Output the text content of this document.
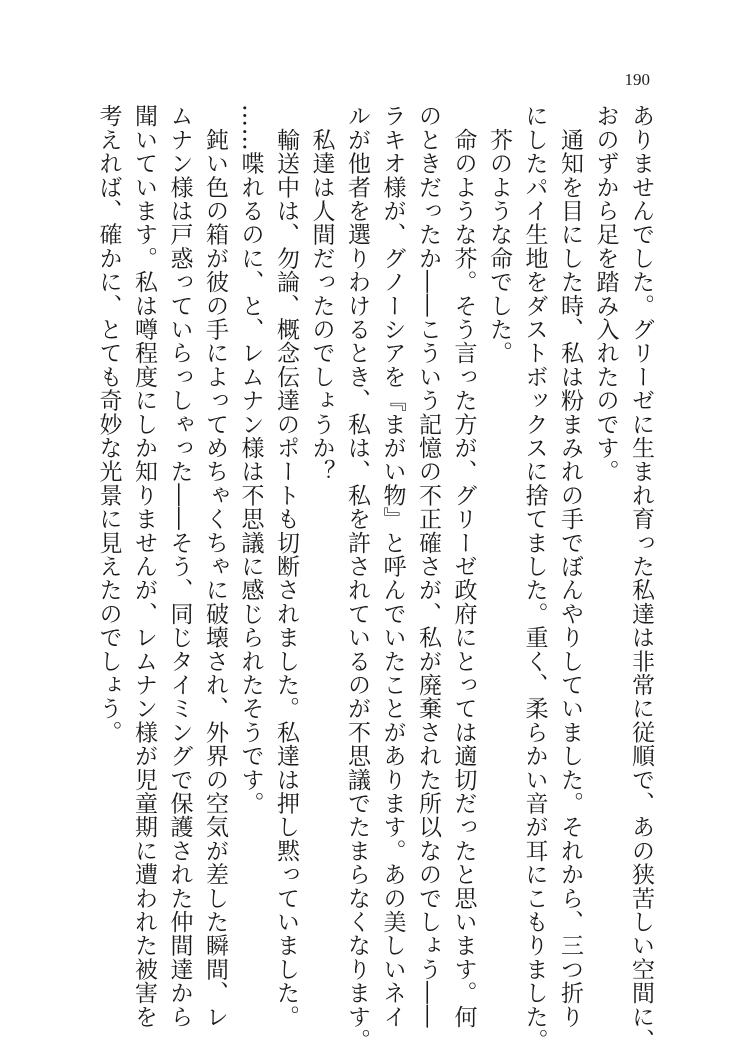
190

ありませんでした。グリーゼに生まれ育った私達は非常に従順で、あの狭苦しい空間に、

おのずから足を踏み入れたのです。

　通知を目にした時、私は粉まみれの手でぼんやりしていました。それから、三つ折り

にしたパイ生地をダストボックスに捨てました。重く、柔らかい音が耳にこもりました。

　芥のような命でした。

　命のような芥。そう言った方が、グリーゼ政府にとっては適切だったと思います。何

のときだったか――こういう記憶の不正確さが、私が廃棄された所以なのでしょう――

ラキオ様が、グノーシアを『まがい物』と呼んでいたことがあります。あの美しいネイ

ルが他者を選りわけるとき、私は、私を許されているのが不思議でたまらなくなります。

　私達は人間だったのでしょうか？

　輸送中は、勿論、概念伝達のポートも切断されました。私達は押し黙っていました。

……喋れるのに、と、レムナン様は不思議に感じられたそうです。

　鈍い色の箱が彼の手によってめちゃくちゃに破壊され、外界の空気が差した瞬間、レ

ムナン様は戸惑っていらっしゃった――そう、同じタイミングで保護された仲間達から

聞いています。私は噂程度にしか知りませんが、レムナン様が児童期に遭われた被害を

考えれば、確かに、とても奇妙な光景に見えたのでしょう。
